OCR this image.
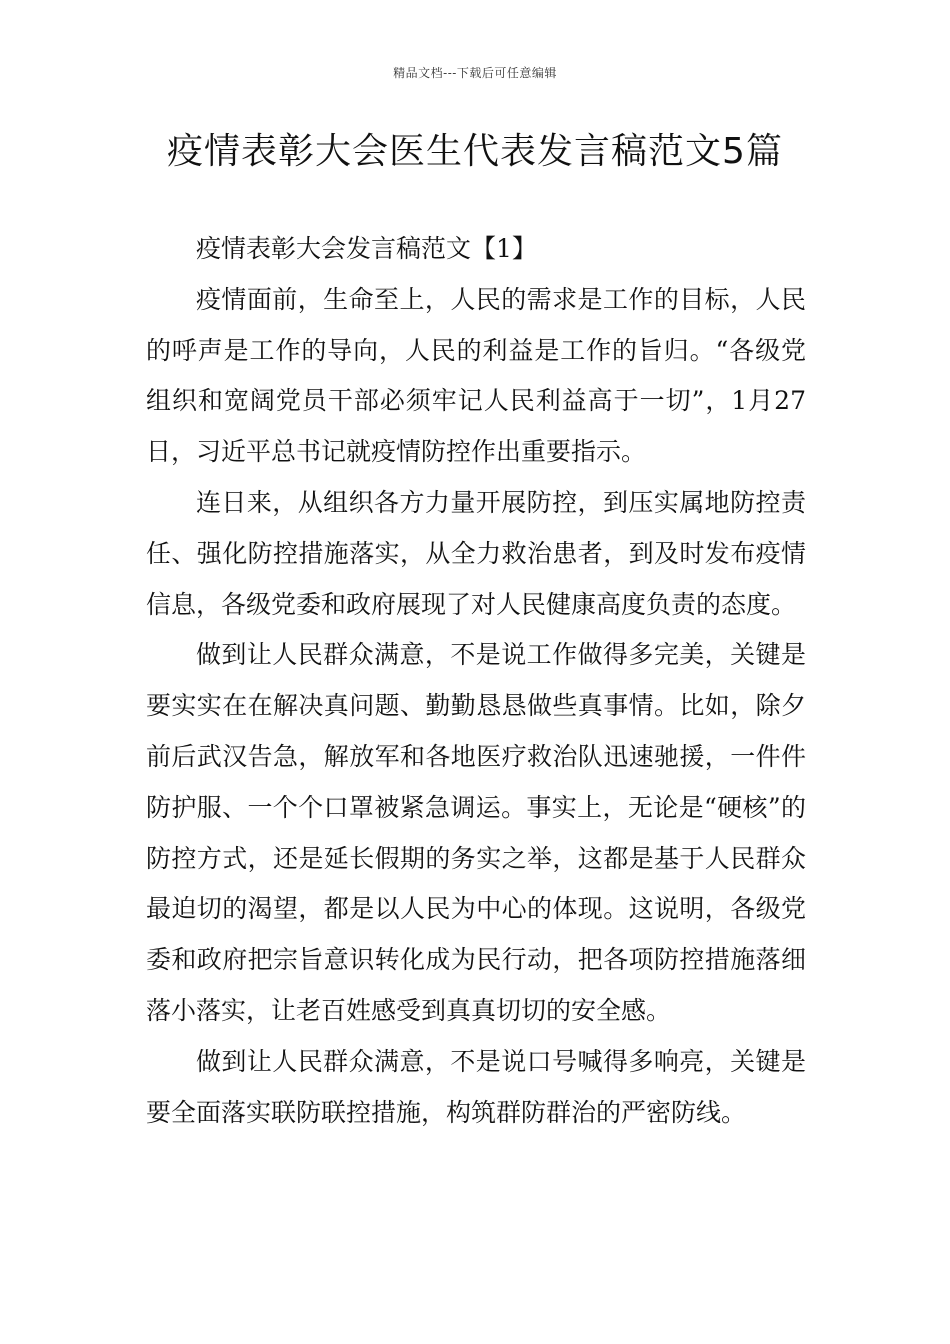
精品文档---下载后可任意编辑
疫情表彰大会医生代表发言稿范文5篇

疫情表彰大会发言稿范文【1】

疫情面前，生命至上，人民的需求是工作的目标，人民的呼声是工作的导向，人民的利益是工作的旨归。“各级党组织和宽阔党员干部必须牢记人民利益高于一切”，1月27日，习近平总书记就疫情防控作出重要指示。

连日来，从组织各方力量开展防控，到压实属地防控责任、强化防控措施落实，从全力救治患者，到及时发布疫情信息，各级党委和政府展现了对人民健康高度负责的态度。

做到让人民群众满意，不是说工作做得多完美，关键是要实实在在解决真问题、勤勤恳恳做些真事情。比如，除夕前后武汉告急，解放军和各地医疗救治队迅速驰援，一件件防护服、一个个口罩被紧急调运。事实上，无论是“硬核”的防控方式，还是延长假期的务实之举，这都是基于人民群众最迫切的渴望，都是以人民为中心的体现。这说明，各级党委和政府把宗旨意识转化成为民行动，把各项防控措施落细落小落实，让老百姓感受到真真切切的安全感。

做到让人民群众满意，不是说口号喊得多响亮，关键是要全面落实联防联控措施，构筑群防群治的严密防线。
